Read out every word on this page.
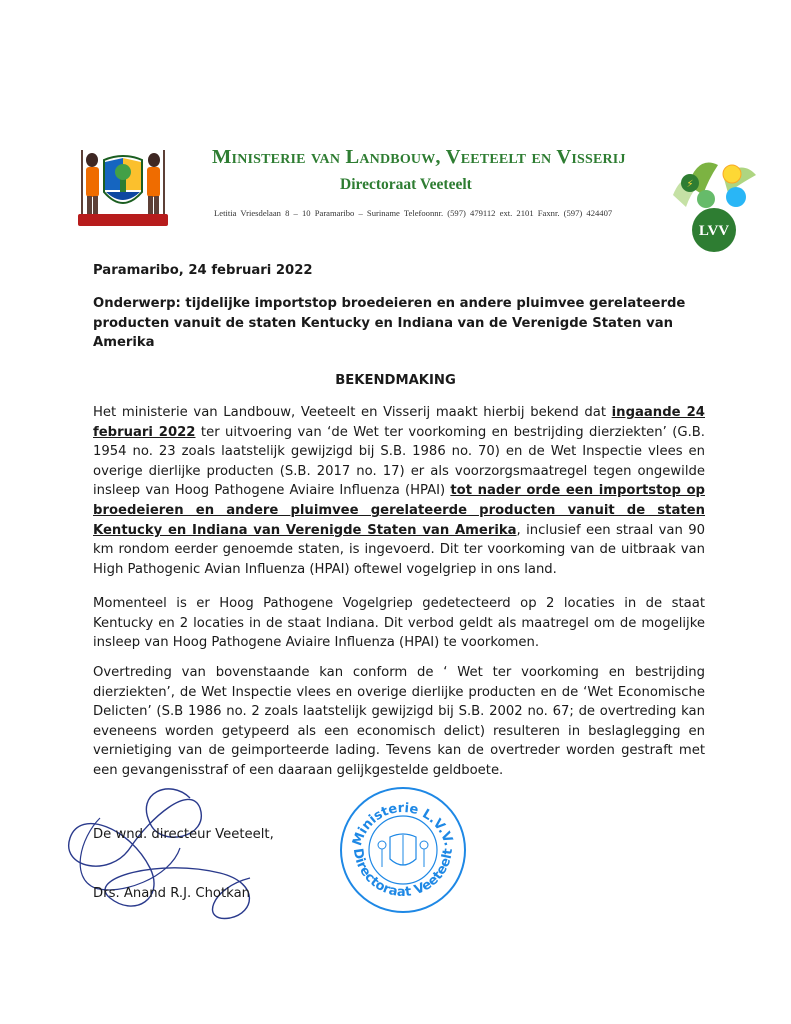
Ministerie van Landbouw, Veeteelt en Visserij
Directoraat Veeteelt
Letitia Vriesdelaan 8 – 10 Paramaribo – Suriname Telefoonnr. (597) 479112 ext. 2101 Faxnr. (597) 424407
⚡
LVV
Paramaribo, 24 februari 2022
Onderwerp: tijdelijke importstop broedeieren en andere pluimvee gerelateerde producten vanuit de staten Kentucky en Indiana van de Verenigde Staten van Amerika
BEKENDMAKING
Het ministerie van Landbouw, Veeteelt en Visserij maakt hierbij bekend dat ingaande 24 februari 2022 ter uitvoering van ‘de Wet ter voorkoming en bestrijding dierziekten’ (G.B. 1954 no. 23 zoals laatstelijk gewijzigd bij S.B. 1986 no. 70) en de Wet Inspectie vlees en overige dierlijke producten (S.B. 2017 no. 17) er als voorzorgsmaatregel tegen ongewilde insleep van Hoog Pathogene Aviaire Influenza (HPAI) tot nader orde een importstop op broedeieren en andere pluimvee gerelateerde producten vanuit de staten Kentucky en Indiana van Verenigde Staten van Amerika, inclusief een straal van 90 km rondom eerder genoemde staten, is ingevoerd. Dit ter voorkoming van de uitbraak van High Pathogenic Avian Influenza (HPAI) oftewel vogelgriep in ons land.
Momenteel is er Hoog Pathogene Vogelgriep gedetecteerd op 2 locaties in de staat Kentucky en 2 locaties in de staat Indiana. Dit verbod geldt als maatregel om de mogelijke insleep van Hoog Pathogene Aviaire Influenza (HPAI) te voorkomen.
Overtreding van bovenstaande kan conform de ‘ Wet ter voorkoming en bestrijding dierziekten’, de Wet Inspectie vlees en overige dierlijke producten en de ‘Wet Economische Delicten’ (S.B 1986 no. 2 zoals laatstelijk gewijzigd bij S.B. 2002 no. 67; de overtreding kan eveneens worden getypeerd als een economisch delict) resulteren in beslaglegging en vernietiging van de geimporteerde lading. Tevens kan de overtreder worden gestraft met een gevangenisstraf of een daaraan gelijkgestelde geldboete.
De wnd. directeur Veeteelt,
Drs. Anand R.J. Chotkan
Ministerie L.V.V.
Directoraat Veeteelt
